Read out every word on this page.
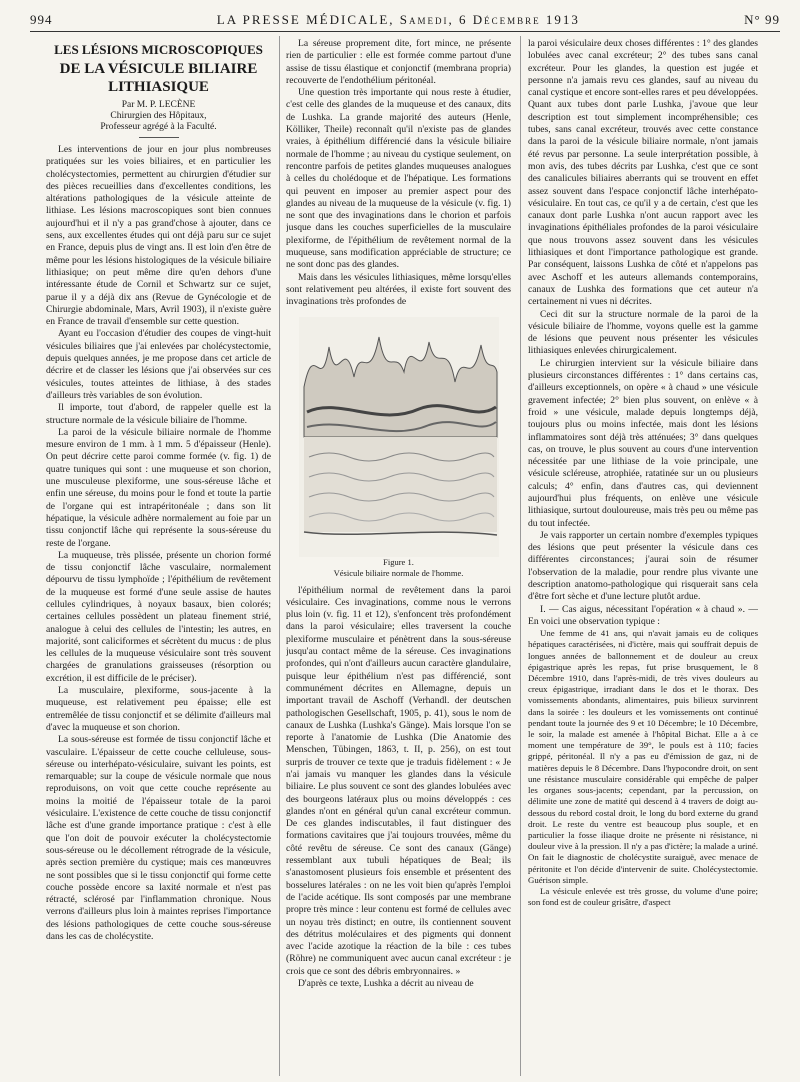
994	LA PRESSE MÉDICALE, Samedi, 6 Décembre 1913	N° 99
LES LÉSIONS MICROSCOPIQUES
DE LA VÉSICULE BILIAIRE LITHIASIQUE
Par M. P. LECÈNE
Chirurgien des Hôpitaux,
Professeur agrégé à la Faculté.

Les interventions de jour en jour plus nombreuses pratiquées sur les voies biliaires, et en particulier les cholécystectomies, permettent au chirurgien d'étudier sur des pièces recueillies dans d'excellentes conditions, les altérations pathologiques de la vésicule atteinte de lithiase. Les lésions macroscopiques sont bien connues aujourd'hui et il n'y a pas grand'chose à ajouter, dans ce sens, aux excellentes études qui ont déjà paru sur ce sujet en France, depuis plus de vingt ans. Il est loin d'en être de même pour les lésions histologiques de la vésicule biliaire lithiasique; on peut même dire qu'en dehors d'une intéressante étude de Cornil et Schwartz sur ce sujet, parue il y a déjà dix ans (Revue de Gynécologie et de Chirurgie abdominale, Mars, Avril 1903), il n'existe guère en France de travail d'ensemble sur cette question.

Ayant eu l'occasion d'étudier des coupes de vingt-huit vésicules biliaires que j'ai enlevées par cholécystectomie, depuis quelques années, je me propose dans cet article de décrire et de classer les lésions que j'ai observées sur ces vésicules, toutes atteintes de lithiase, à des stades d'ailleurs très variables de son évolution.

Il importe, tout d'abord, de rappeler quelle est la structure normale de la vésicule biliaire de l'homme.

La paroi de la vésicule biliaire normale de l'homme mesure environ de 1 mm. à 1 mm. 5 d'épaisseur (Henle). On peut décrire cette paroi comme formée (v. fig. 1) de quatre tuniques qui sont : une muqueuse et son chorion, une musculeuse plexiforme, une sous-séreuse lâche et enfin une séreuse, du moins pour le fond et toute la partie de l'organe qui est intrapéritonéale ; dans son lit hépatique, la vésicule adhère normalement au foie par un tissu conjonctif lâche qui représente la sous-séreuse du reste de l'organe.

La muqueuse, très plissée, présente un chorion formé de tissu conjonctif lâche vasculaire, normalement dépourvu de tissu lymphoïde ; l'épithélium de revêtement de la muqueuse est formé d'une seule assise de hautes cellules cylindriques, à noyaux basaux, bien colorés; certaines cellules possèdent un plateau finement strié, analogue à celui des cellules de l'intestin; les autres, en majorité, sont caliciformes et sécrètent du mucus : de plus les cellules de la muqueuse vésiculaire sont très souvent chargées de granulations graisseuses (résorption ou excrétion, il est difficile de le préciser).

La musculaire, plexiforme, sous-jacente à la muqueuse, est relativement peu épaisse; elle est entremêlée de tissu conjonctif et se délimite d'ailleurs mal d'avec la muqueuse et son chorion.

La sous-séreuse est formée de tissu conjonctif lâche et vasculaire. L'épaisseur de cette couche celluleuse, sous-séreuse ou interhépato-vésiculaire, suivant les points, est remarquable; sur la coupe de vésicule normale que nous reproduisons, on voit que cette couche représente au moins la moitié de l'épaisseur totale de la paroi vésiculaire. L'existence de cette couche de tissu conjonctif lâche est d'une grande importance pratique : c'est à elle que l'on doit de pouvoir exécuter la cholécystectomie sous-séreuse ou le décollement rétrograde de la vésicule, après section première du cystique; mais ces manœuvres ne sont possibles que si le tissu conjonctif qui forme cette couche possède encore sa laxité normale et n'est pas rétracté, sclérosé par l'inflammation chronique. Nous verrons d'ailleurs plus loin à maintes reprises l'importance des lésions pathologiques de cette couche sous-séreuse dans les cas de cholécystite.

La séreuse proprement dite, fort mince, ne présente rien de particulier : elle est formée comme partout d'une assise de tissu élastique et conjonctif (membrana propria) recouverte de l'endothélium péritonéal.

Une question très importante qui nous reste à étudier, c'est celle des glandes de la muqueuse et des canaux, dits de Lushka. La grande majorité des auteurs (Henle, Kölliker, Theile) reconnaît qu'il n'existe pas de glandes vraies, à épithélium différencié dans la vésicule biliaire normale de l'homme ; au niveau du cystique seulement, on rencontre parfois de petites glandes muqueuses analogues à celles du cholédoque et de l'hépatique. Les formations qui peuvent en imposer au premier aspect pour des glandes au niveau de la muqueuse de la vésicule (v. fig. 1) ne sont que des invaginations dans le chorion et parfois jusque dans les couches superficielles de la musculaire plexiforme, de l'épithélium de revêtement normal de la muqueuse, sans modification appréciable de structure; ce ne sont donc pas des glandes.

Mais dans les vésicules lithiasiques, même lorsqu'elles sont relativement peu altérées, il existe fort souvent des invaginations très profondes de

Figure 1.
Vésicule biliaire normale de l'homme.

l'épithélium normal de revêtement dans la paroi vésiculaire. Ces invaginations, comme nous le verrons plus loin (v. fig. 11 et 12), s'enfoncent très profondément dans la paroi vésiculaire; elles traversent la couche plexiforme musculaire et pénètrent dans la sous-séreuse jusqu'au contact même de la séreuse. Ces invaginations profondes, qui n'ont d'ailleurs aucun caractère glandulaire, puisque leur épithélium n'est pas différencié, sont communément décrites en Allemagne, depuis un important travail de Aschoff (Verhandl. der deutschen pathologischen Gesellschaft, 1905, p. 41), sous le nom de canaux de Lushka (Lushka's Gänge). Mais lorsque l'on se reporte à l'anatomie de Lushka (Die Anatomie des Menschen, Tübingen, 1863, t. II, p. 256), on est tout surpris de trouver ce texte que je traduis fidèlement : « Je n'ai jamais vu manquer les glandes dans la vésicule biliaire. Le plus souvent ce sont des glandes lobulées avec des bourgeons latéraux plus ou moins développés : ces glandes n'ont en général qu'un canal excréteur commun. De ces glandes indiscutables, il faut distinguer des formations cavitaires que j'ai toujours trouvées, même du côté revêtu de séreuse. Ce sont des canaux (Gänge) ressemblant aux tubuli hépatiques de Beal; ils s'anastomosent plusieurs fois ensemble et présentent des bosselures latérales : on ne les voit bien qu'après l'emploi de l'acide acétique. Ils sont composés par une membrane propre très mince : leur contenu est formé de cellules avec un noyau très distinct; en outre, ils contiennent souvent des détritus moléculaires et des pigments qui donnent avec l'acide azotique la réaction de la bile : ces tubes (Röhre) ne communiquent avec aucun canal excréteur : je crois que ce sont des débris embryonnaires. »

D'après ce texte, Lushka a décrit au niveau de

la paroi vésiculaire deux choses différentes : 1° des glandes lobulées avec canal excréteur; 2° des tubes sans canal excréteur. Pour les glandes, la question est jugée et personne n'a jamais revu ces glandes, sauf au niveau du canal cystique et encore sont-elles rares et peu développées. Quant aux tubes dont parle Lushka, j'avoue que leur description est tout simplement incompréhensible; ces tubes, sans canal excréteur, trouvés avec cette constance dans la paroi de la vésicule biliaire normale, n'ont jamais été revus par personne. La seule interprétation possible, à mon avis, des tubes décrits par Lushka, c'est que ce sont des canalicules biliaires aberrants qui se trouvent en effet assez souvent dans l'espace conjonctif lâche interhépato-vésiculaire. En tout cas, ce qu'il y a de certain, c'est que les canaux dont parle Lushka n'ont aucun rapport avec les invaginations épithéliales profondes de la paroi vésiculaire que nous trouvons assez souvent dans les vésicules lithiasiques et dont l'importance pathologique est grande. Par conséquent, laissons Lushka de côté et n'appelons pas avec Aschoff et les auteurs allemands contemporains, canaux de Lushka des formations que cet auteur n'a certainement ni vues ni décrites.

Ceci dit sur la structure normale de la paroi de la vésicule biliaire de l'homme, voyons quelle est la gamme de lésions que peuvent nous présenter les vésicules lithiasiques enlevées chirurgicalement.

Le chirurgien intervient sur la vésicule biliaire dans plusieurs circonstances différentes : 1° dans certains cas, d'ailleurs exceptionnels, on opère « à chaud » une vésicule gravement infectée; 2° bien plus souvent, on enlève « à froid » une vésicule, malade depuis longtemps déjà, toujours plus ou moins infectée, mais dont les lésions inflammatoires sont déjà très atténuées; 3° dans quelques cas, on trouve, le plus souvent au cours d'une intervention nécessitée par une lithiase de la voie principale, une vésicule scléreuse, atrophiée, ratatinée sur un ou plusieurs calculs; 4° enfin, dans d'autres cas, qui deviennent aujourd'hui plus fréquents, on enlève une vésicule lithiasique, surtout douloureuse, mais très peu ou même pas du tout infectée.

Je vais rapporter un certain nombre d'exemples typiques des lésions que peut présenter la vésicule dans ces différentes circonstances; j'aurai soin de résumer l'observation de la maladie, pour rendre plus vivante une description anatomo-pathologique qui risquerait sans cela d'être fort sèche et d'une lecture plutôt ardue.

I. — Cas aigus, nécessitant l'opération « à chaud ». — En voici une observation typique :

Une femme de 41 ans, qui n'avait jamais eu de coliques hépatiques caractérisées, ni d'ictère, mais qui souffrait depuis de longues années de ballonnement et de douleur au creux épigastrique après les repas, fut prise brusquement, le 8 Décembre 1910, dans l'après-midi, de très vives douleurs au creux épigastrique, irradiant dans le dos et le thorax. Des vomissements abondants, alimentaires, puis bilieux survinrent dans la soirée : les douleurs et les vomissements ont continué pendant toute la journée des 9 et 10 Décembre; le 10 Décembre, le soir, la malade est amenée à l'hôpital Bichat. Elle a à ce moment une température de 39°, le pouls est à 110; facies grippé, péritonéal. Il n'y a pas eu d'émission de gaz, ni de matières depuis le 8 Décembre. Dans l'hypocondre droit, on sent une résistance musculaire considérable qui empêche de palper les organes sous-jacents; cependant, par la percussion, on délimite une zone de matité qui descend à 4 travers de doigt au-dessous du rebord costal droit, le long du bord externe du grand droit. Le reste du ventre est beaucoup plus souple, et en particulier la fosse iliaque droite ne présente ni résistance, ni douleur vive à la pression. Il n'y a pas d'ictère; la malade a uriné. On fait le diagnostic de cholécystite suraiguë, avec menace de péritonite et l'on décide d'intervenir de suite. Cholécystectomie. Guérison simple.

La vésicule enlevée est très grosse, du volume d'une poire; son fond est de couleur grisâtre, d'aspect
